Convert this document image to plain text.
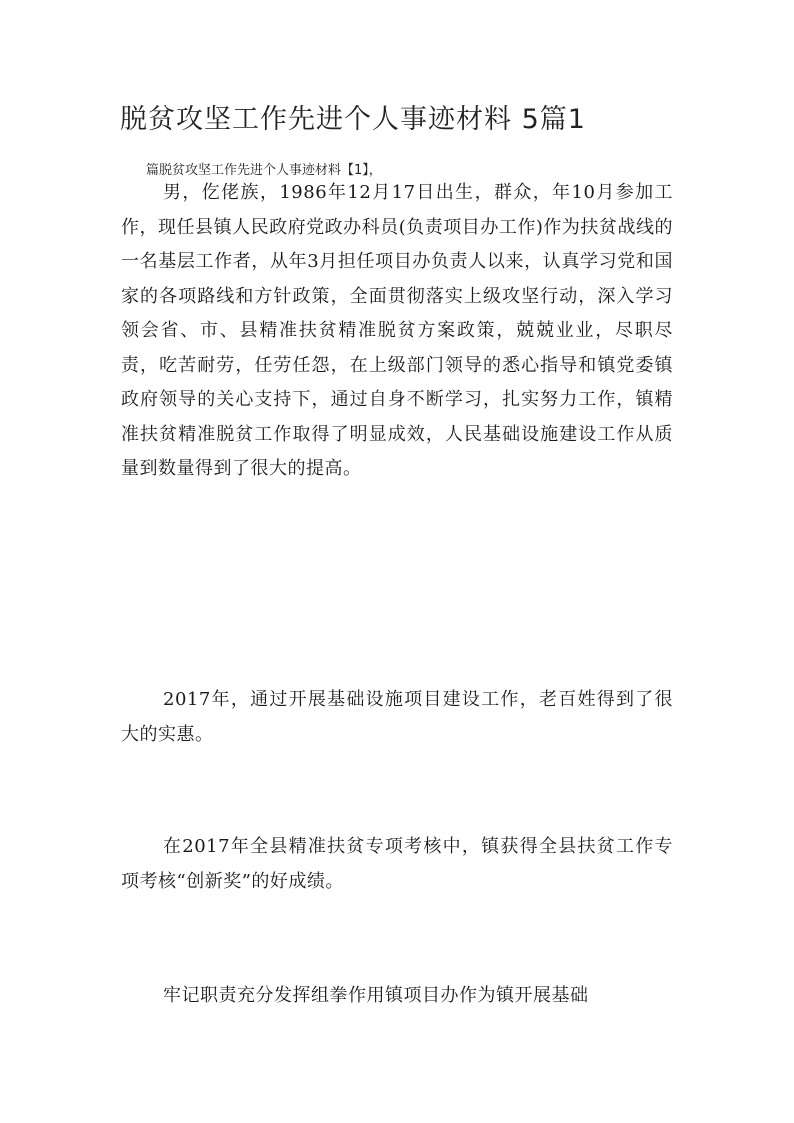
脱贫攻坚工作先进个人事迹材料 5篇1

篇脱贫攻坚工作先进个人事迹材料【1】，

男，仡佬族，1986年12月17日出生，群众，年10月参加工作，现任县镇人民政府党政办科员(负责项目办工作)作为扶贫战线的一名基层工作者，从年3月担任项目办负责人以来，认真学习党和国家的各项路线和方针政策，全面贯彻落实上级攻坚行动，深入学习领会省、市、县精准扶贫精准脱贫方案政策，兢兢业业，尽职尽责，吃苦耐劳，任劳任怨，在上级部门领导的悉心指导和镇党委镇政府领导的关心支持下，通过自身不断学习，扎实努力工作，镇精准扶贫精准脱贫工作取得了明显成效，人民基础设施建设工作从质量到数量得到了很大的提高。

2017年，通过开展基础设施项目建设工作，老百姓得到了很大的实惠。

在2017年全县精准扶贫专项考核中，镇获得全县扶贫工作专项考核“创新奖”的好成绩。

牢记职责充分发挥组拳作用镇项目办作为镇开展基础
